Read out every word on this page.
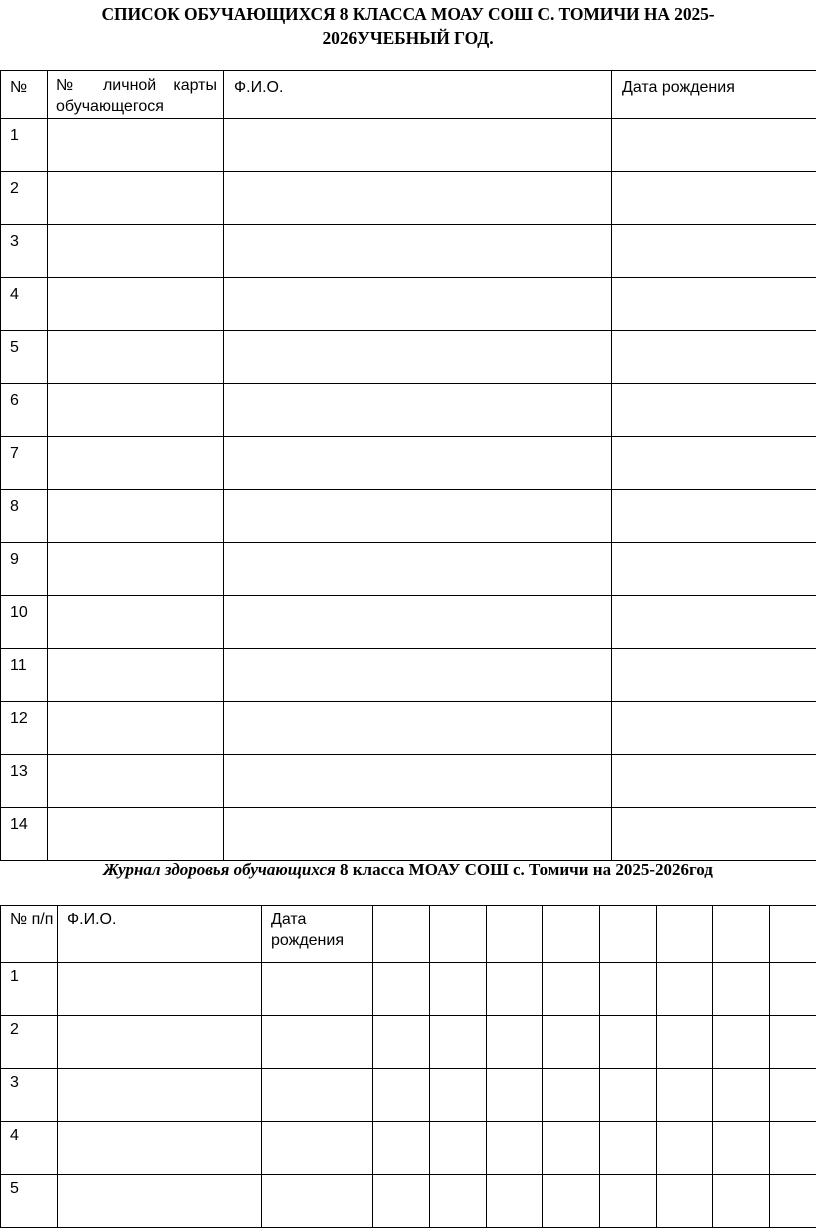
СПИСОК ОБУЧАЮЩИХСЯ 8 КЛАССА МОАУ СОШ С. ТОМИЧИ НА 2025-
2026УЧЕБНЫЙ ГОД.
№	№ личной карты обучающегося	Ф.И.О.	Дата рождения

1			

2			

3			

4			

5			

6			

7			

8			

9			

10			

11			

12			

13			

14			

Журнал здоровья обучающихся 8 класса МОАУ СОШ с. Томичи на 2025-2026год
№ п/п	Ф.И.О.	Дата рождения								

1										

2										

3										

4										

5										
